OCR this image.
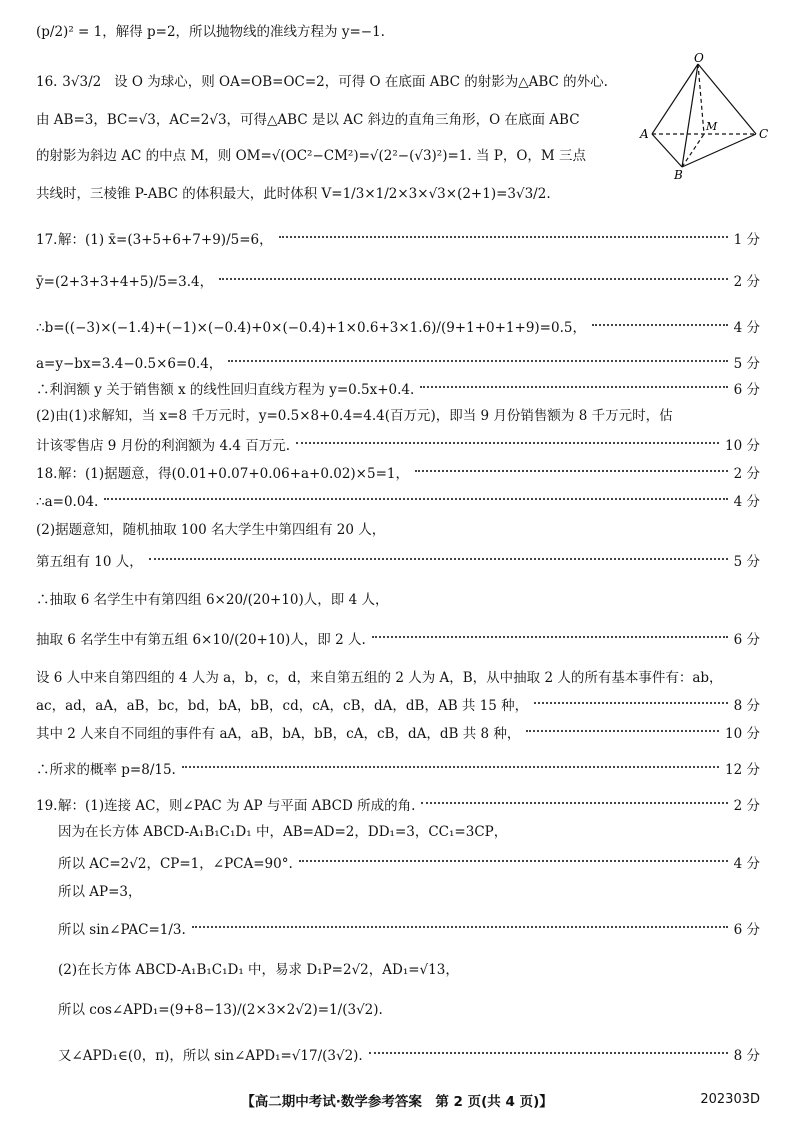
(p/2)² = 1，解得 p=2，所以抛物线的准线方程为 y=−1.
16. 3√3/2 设 O 为球心，则 OA=OB=OC=2，可得 O 在底面 ABC 的射影为△ABC 的外心.
由 AB=3，BC=√3，AC=2√3，可得△ABC 是以 AC 斜边的直角三角形，O 在底面 ABC
的射影为斜边 AC 的中点 M，则 OM=√(OC²−CM²)=√(2²−(√3)²)=1. 当 P，O，M 三点
共线时，三棱锥 P-ABC 的体积最大，此时体积 V=1/3×1/2×3×√3×(2+1)=3√3/2.
O
A
M
C
B
17. 解：(1) x̄=(3+5+6+7+9)/5=6，	1 分
ȳ=(2+3+3+4+5)/5=3.4，	2 分
∴b=((−3)×(−1.4)+(−1)×(−0.4)+0×(−0.4)+1×0.6+3×1.6)/(9+1+0+1+9)=0.5，	4 分
a=y−bx=3.4−0.5×6=0.4，	5 分
∴利润额 y 关于销售额 x 的线性回归直线方程为 y=0.5x+0.4.	6 分
(2)由(1)求解知，当 x=8 千万元时，y=0.5×8+0.4=4.4(百万元)，即当 9 月份销售额为 8 千万元时，估
计该零售店 9 月份的利润额为 4.4 百万元.	10 分
18. 解：(1)据题意，得(0.01+0.07+0.06+a+0.02)×5=1，	2 分
∴a=0.04.	4 分
(2)据题意知，随机抽取 100 名大学生中第四组有 20 人，
第五组有 10 人，	5 分
∴抽取 6 名学生中有第四组 6×20/(20+10)人，即 4 人，
抽取 6 名学生中有第五组 6×10/(20+10)人，即 2 人.	6 分
设 6 人中来自第四组的 4 人为 a，b，c，d，来自第五组的 2 人为 A，B，从中抽取 2 人的所有基本事件有：ab，
ac，ad，aA，aB，bc，bd，bA，bB，cd，cA，cB，dA，dB，AB 共 15 种，	8 分
其中 2 人来自不同组的事件有 aA，aB，bA，bB，cA，cB，dA，dB 共 8 种，	10 分
∴所求的概率 p=8/15.	12 分
19. 解：(1)连接 AC，则∠PAC 为 AP 与平面 ABCD 所成的角.	2 分
因为在长方体 ABCD-A₁B₁C₁D₁ 中，AB=AD=2，DD₁=3，CC₁=3CP，
所以 AC=2√2，CP=1，∠PCA=90°.	4 分
所以 AP=3，
所以 sin∠PAC=1/3.	6 分
(2)在长方体 ABCD-A₁B₁C₁D₁ 中，易求 D₁P=2√2，AD₁=√13，
所以 cos∠APD₁=(9+8−13)/(2×3×2√2)=1/(3√2).
又∠APD₁∈(0，π)，所以 sin∠APD₁=√17/(3√2).	8 分
【高二期中考试·数学参考答案　第 2 页(共 4 页)】	202303D
